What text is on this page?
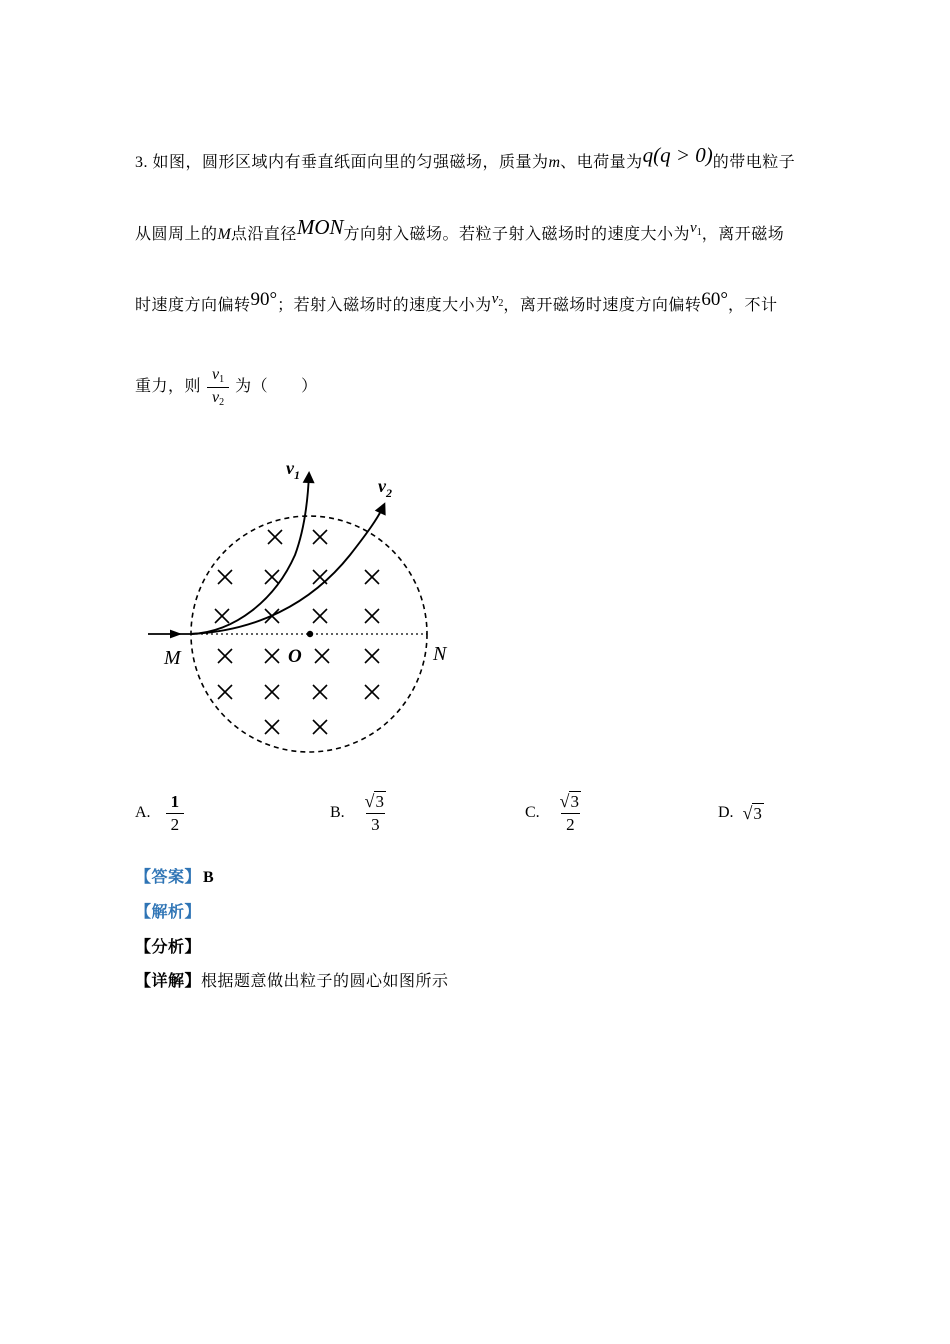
3. 如图，圆形区域内有垂直纸面向里的匀强磁场，质量为m、电荷量为q(q > 0)的带电粒子
从圆周上的M点沿直径MON方向射入磁场。若粒子射入磁场时的速度大小为$v_1$，离开磁场
时速度方向偏转90°；若射入磁场时的速度大小为$v_2$，离开磁场时速度方向偏转60°，不计
重力，则 $\frac{v_1}{v_2}$ 为（　　）
$v_1$
$v_2$
M	O	N
A. $\frac{1}{2}$	B. $\frac{√3}{3}$	C. $\frac{√3}{2}$	D. √3
【答案】 B
【解析】
【分析】
【详解】根据题意做出粒子的圆心如图所示
